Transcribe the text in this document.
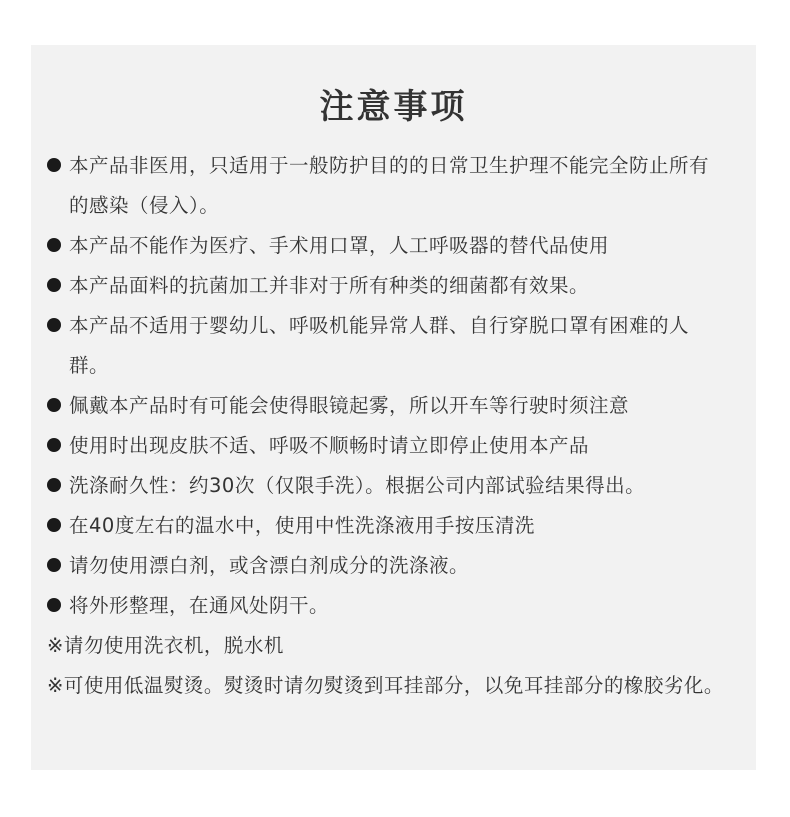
注意事项
本产品非医用，只适用于一般防护目的的日常卫生护理不能完全防止所有的感染（侵入）。
本产品不能作为医疗、手术用口罩，人工呼吸器的替代品使用
本产品面料的抗菌加工并非对于所有种类的细菌都有效果。
本产品不适用于婴幼儿、呼吸机能异常人群、自行穿脱口罩有困难的人群。
佩戴本产品时有可能会使得眼镜起雾，所以开车等行驶时须注意
使用时出现皮肤不适、呼吸不顺畅时请立即停止使用本产品
洗涤耐久性：约30次（仅限手洗）。根据公司内部试验结果得出。
在40度左右的温水中，使用中性洗涤液用手按压清洗
请勿使用漂白剂，或含漂白剂成分的洗涤液。
将外形整理，在通风处阴干。
※请勿使用洗衣机，脱水机
※可使用低温熨烫。熨烫时请勿熨烫到耳挂部分，以免耳挂部分的橡胶劣化。
